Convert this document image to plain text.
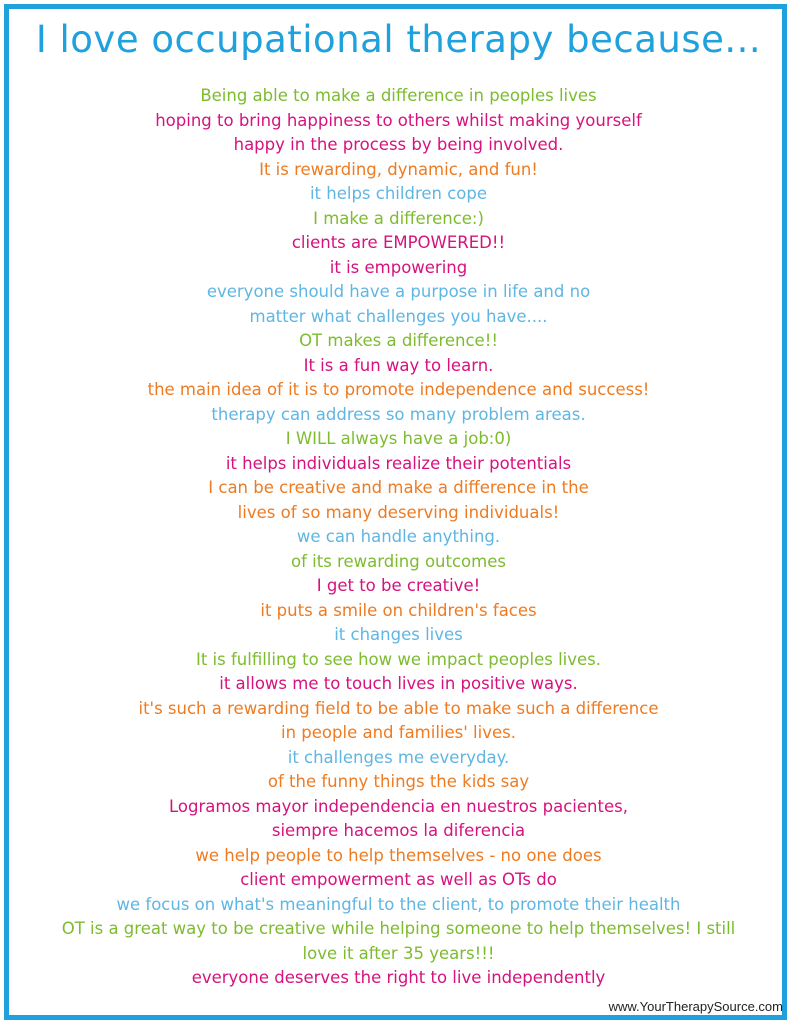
I love occupational therapy because...
Being able to make a difference in peoples lives
hoping to bring happiness to others whilst making yourself
happy in the process by being involved.
It is rewarding, dynamic, and fun!
it helps children cope
I make a difference:)
clients are EMPOWERED!!
it is empowering
everyone should have a purpose in life and no
matter what challenges you have....
OT makes a difference!!
It is a fun way to learn.
the main idea of it is to promote independence and success!
therapy can address so many problem areas.
I WILL always have a job:0)
it helps individuals realize their potentials
I can be creative and make a difference in the
lives of so many deserving individuals!
we can handle anything.
of its rewarding outcomes
I get to be creative!
it puts a smile on children's faces
it changes lives
It is fulfilling to see how we impact peoples lives.
it allows me to touch lives in positive ways.
it's such a rewarding field to be able to make such a difference
in people and families' lives.
it challenges me everyday.
of the funny things the kids say
Logramos mayor independencia en nuestros pacientes,
siempre hacemos la diferencia
we help people to help themselves - no one does
client empowerment as well as OTs do
we focus on what's meaningful to the client, to promote their health
OT is a great way to be creative while helping someone to help themselves! I still
love it after 35 years!!!
everyone deserves the right to live independently
www.YourTherapySource.com
